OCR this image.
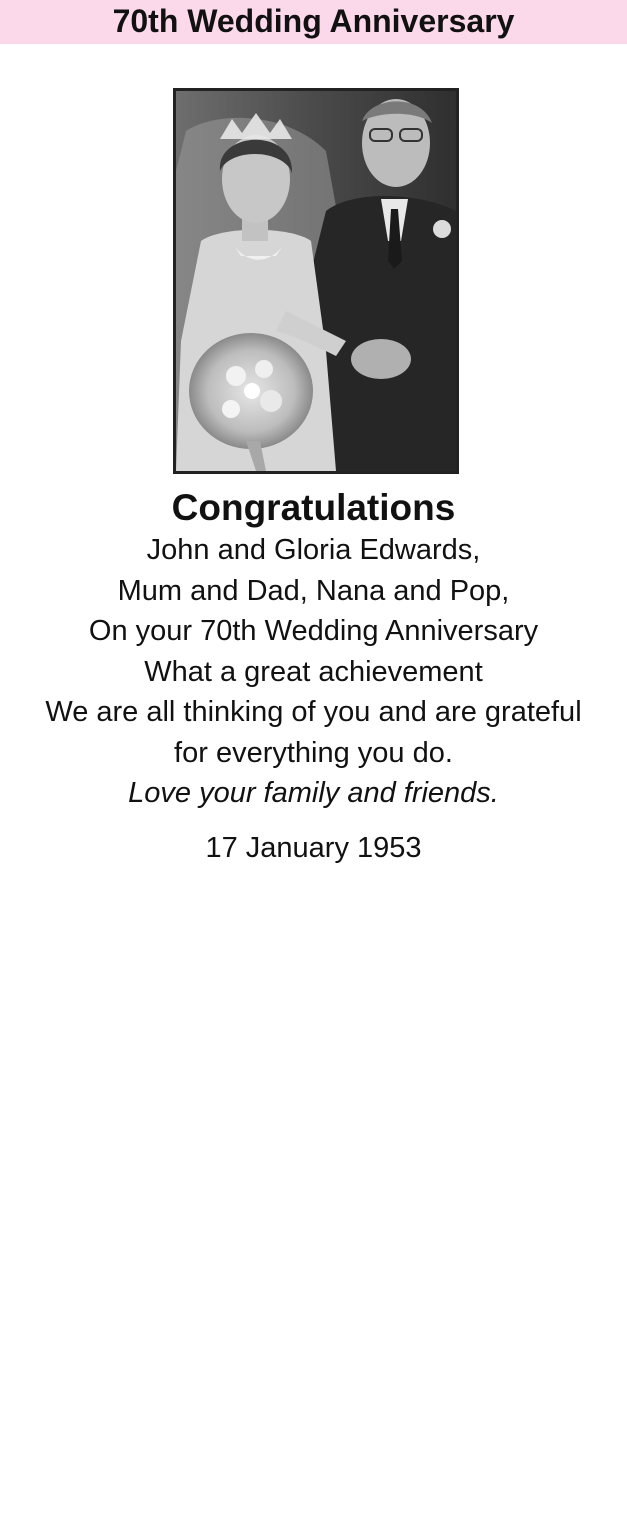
70th Wedding Anniversary

Congratulations

John and Gloria Edwards,

Mum and Dad, Nana and Pop,

On your 70th Wedding Anniversary

What a great achievement

We are all thinking of you and are grateful

for everything you do.

Love your family and friends.

17 January 1953
